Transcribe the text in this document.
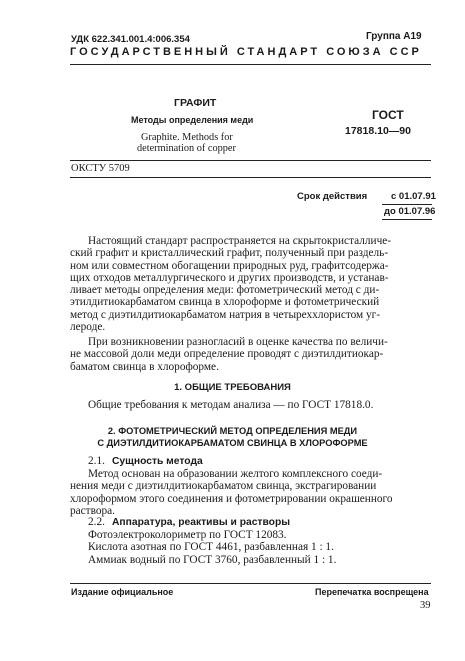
УДК 622.341.001.4:006.354	Группа А19
ГОСУДАРСТВЕННЫЙ СТАНДАРТ СОЮЗА ССР
ГРАФИТ
Методы определения меди
Graphite. Methods for
determination of copper
ГОСТ
17818.10—90
ОКСТУ 5709
Срок действия	с 01.07.91
до 01.07.96
Настоящий стандарт распространяется на скрытокристалличе-
ский графит и кристаллический графит, полученный при раздель-
ном или совместном обогащении природных руд, графитсодержа-
щих отходов металлургического и других производств, и устанав-
ливает методы определения меди: фотометрический метод с ди-
этилдитиокарбаматом свинца в хлороформе и фотометрический
метод с диэтилдитиокарбаматом натрия в четыреххлористом уг-
лероде.
При возникновении разногласий в оценке качества по величи-
не массовой доли меди определение проводят с диэтилдитиокар-
баматом свинца в хлороформе.
1. ОБЩИЕ ТРЕБОВАНИЯ
Общие требования к методам анализа — по ГОСТ 17818.0.
2. ФОТОМЕТРИЧЕСКИЙ МЕТОД ОПРЕДЕЛЕНИЯ МЕДИ
С ДИЭТИЛДИТИОКАРБАМАТОМ СВИНЦА В ХЛОРОФОРМЕ
2.1. Сущность метода
Метод основан на образовании желтого комплексного соеди-
нения меди с диэтилдитиокарбаматом свинца, экстрагировании
хлороформом этого соединения и фотометрировании окрашенного
раствора.
2.2. Аппаратура, реактивы и растворы
Фотоэлектроколориметр по ГОСТ 12083.
Кислота азотная по ГОСТ 4461, разбавленная 1 : 1.
Аммиак водный по ГОСТ 3760, разбавленный 1 : 1.
Издание официальное	Перепечатка воспрещена
39
